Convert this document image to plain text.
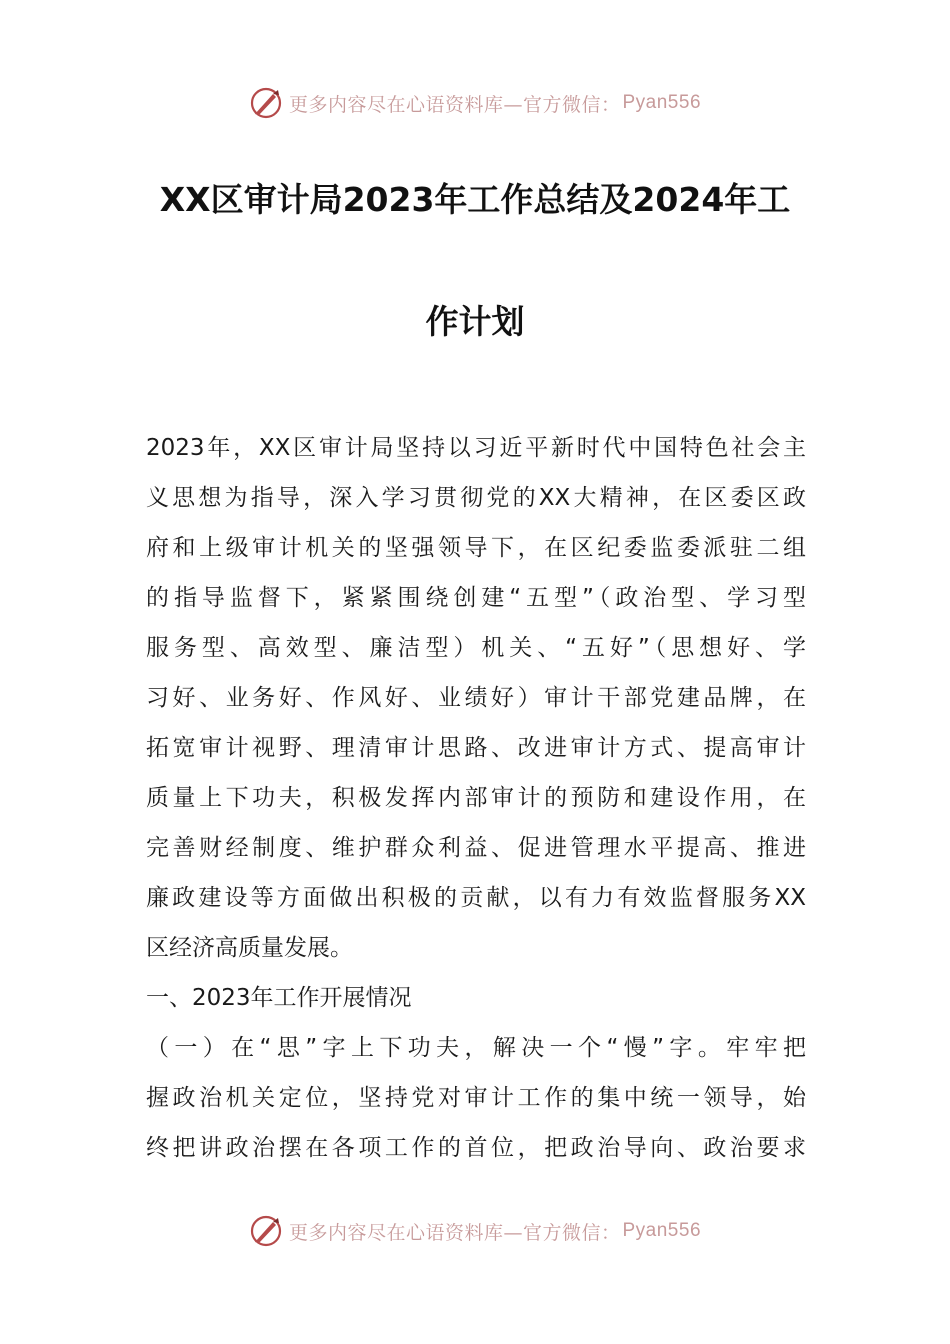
更多内容尽在心语资料库—官方微信： Pyan556
XX区审计局2023年工作总结及2024年工
作计划
2023年，XX区审计局坚持以习近平新时代中国特色社会主
义思想为指导，深入学习贯彻党的XX大精神，在区委区政
府和上级审计机关的坚强领导下，在区纪委监委派驻二组
的指导监督下，紧紧围绕创建“五型”（政治型、学习型
服务型、高效型、廉洁型）机关、“五好”（思想好、学
习好、业务好、作风好、业绩好）审计干部党建品牌，在
拓宽审计视野、理清审计思路、改进审计方式、提高审计
质量上下功夫，积极发挥内部审计的预防和建设作用，在
完善财经制度、维护群众利益、促进管理水平提高、推进
廉政建设等方面做出积极的贡献，以有力有效监督服务XX
区经济高质量发展。
一、2023年工作开展情况
（一）在“思”字上下功夫，解决一个“慢”字。牢牢把
握政治机关定位，坚持党对审计工作的集中统一领导，始
终把讲政治摆在各项工作的首位，把政治导向、政治要求
更多内容尽在心语资料库—官方微信： Pyan556
